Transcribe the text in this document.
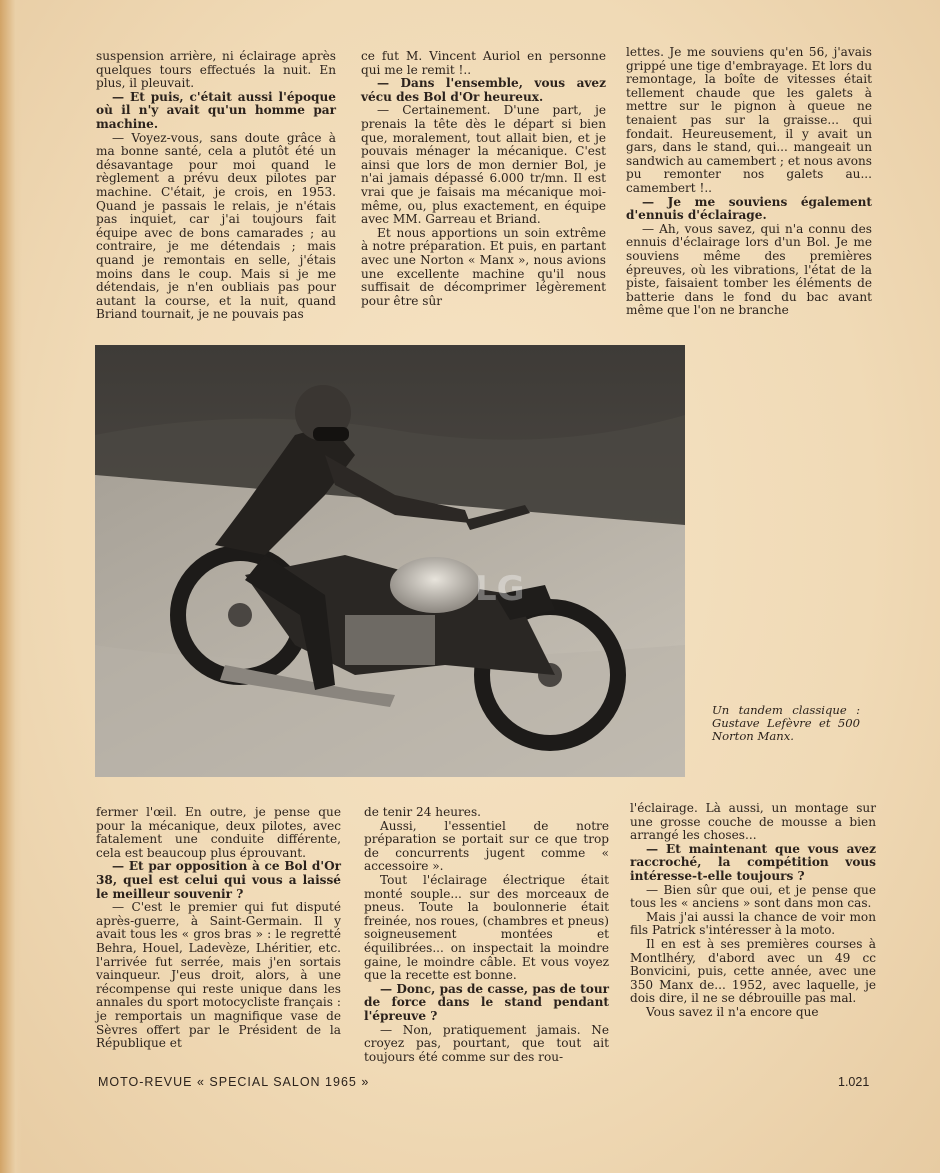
suspension arrière, ni éclairage après quelques tours effectués la nuit. En plus, il pleuvait.

— Et puis, c'était aussi l'époque où il n'y avait qu'un homme par machine.

— Voyez-vous, sans doute grâce à ma bonne santé, cela a plutôt été un désavantage pour moi quand le règlement a prévu deux pilotes par machine. C'était, je crois, en 1953. Quand je passais le relais, je n'étais pas inquiet, car j'ai toujours fait équipe avec de bons camarades ; au contraire, je me détendais ; mais quand je remontais en selle, j'étais moins dans le coup. Mais si je me détendais, je n'en oubliais pas pour autant la course, et la nuit, quand Briand tournait, je ne pouvais pas

ce fut M. Vincent Auriol en personne qui me le remit !..

— Dans l'ensemble, vous avez vécu des Bol d'Or heureux.

— Certainement. D'une part, je prenais la tête dès le départ si bien que, moralement, tout allait bien, et je pouvais ménager la mécanique. C'est ainsi que lors de mon dernier Bol, je n'ai jamais dépassé 6.000 tr/mn. Il est vrai que je faisais ma mécanique moi-même, ou, plus exactement, en équipe avec MM. Garreau et Briand.

Et nous apportions un soin extrême à notre préparation. Et puis, en partant avec une Norton « Manx », nous avions une excellente machine qu'il nous suffisait de décomprimer légèrement pour être sûr

lettes. Je me souviens qu'en 56, j'avais grippé une tige d'embrayage. Et lors du remontage, la boîte de vitesses était tellement chaude que les galets à mettre sur le pignon à queue ne tenaient pas sur la graisse... qui fondait. Heureusement, il y avait un gars, dans le stand, qui... mangeait un sandwich au camembert ; et nous avons pu remonter nos galets au... camembert !..

— Je me souviens également d'ennuis d'éclairage.

— Ah, vous savez, qui n'a connu des ennuis d'éclairage lors d'un Bol. Je me souviens même des premières épreuves, où les vibrations, l'état de la piste, faisaient tomber les éléments de batterie dans le fond du bac avant même que l'on ne branche

LG
Un tandem classique : Gustave Lefèvre et 500 Norton Manx.

fermer l'œil. En outre, je pense que pour la mécanique, deux pilotes, avec fatalement une conduite différente, cela est beaucoup plus éprouvant.

— Et par opposition à ce Bol d'Or 38, quel est celui qui vous a laissé le meilleur souvenir ?

— C'est le premier qui fut disputé après-guerre, à Saint-Germain. Il y avait tous les « gros bras » : le regretté Behra, Houel, Ladevèze, Lhéritier, etc. l'arrivée fut serrée, mais j'en sortais vainqueur. J'eus droit, alors, à une récompense qui reste unique dans les annales du sport motocycliste français : je remportais un magnifique vase de Sèvres offert par le Président de la République et

de tenir 24 heures.

Aussi, l'essentiel de notre préparation se portait sur ce que trop de concurrents jugent comme « accessoire ».

Tout l'éclairage électrique était monté souple... sur des morceaux de pneus. Toute la boulonnerie était freinée, nos roues, (chambres et pneus) soigneusement montées et équilibrées... on inspectait la moindre gaine, le moindre câble. Et vous voyez que la recette est bonne.

— Donc, pas de casse, pas de tour de force dans le stand pendant l'épreuve ?

— Non, pratiquement jamais. Ne croyez pas, pourtant, que tout ait toujours été comme sur des rou-

l'éclairage. Là aussi, un montage sur une grosse couche de mousse a bien arrangé les choses...

— Et maintenant que vous avez raccroché, la compétition vous intéresse-t-elle toujours ?

— Bien sûr que oui, et je pense que tous les « anciens » sont dans mon cas.

Mais j'ai aussi la chance de voir mon fils Patrick s'intéresser à la moto.

Il en est à ses premières courses à Montlhéry, d'abord avec un 49 cc Bonvicini, puis, cette année, avec une 350 Manx de... 1952, avec laquelle, je dois dire, il ne se débrouille pas mal.

Vous savez il n'a encore que

MOTO-REVUE « SPECIAL SALON 1965 »	1.021
